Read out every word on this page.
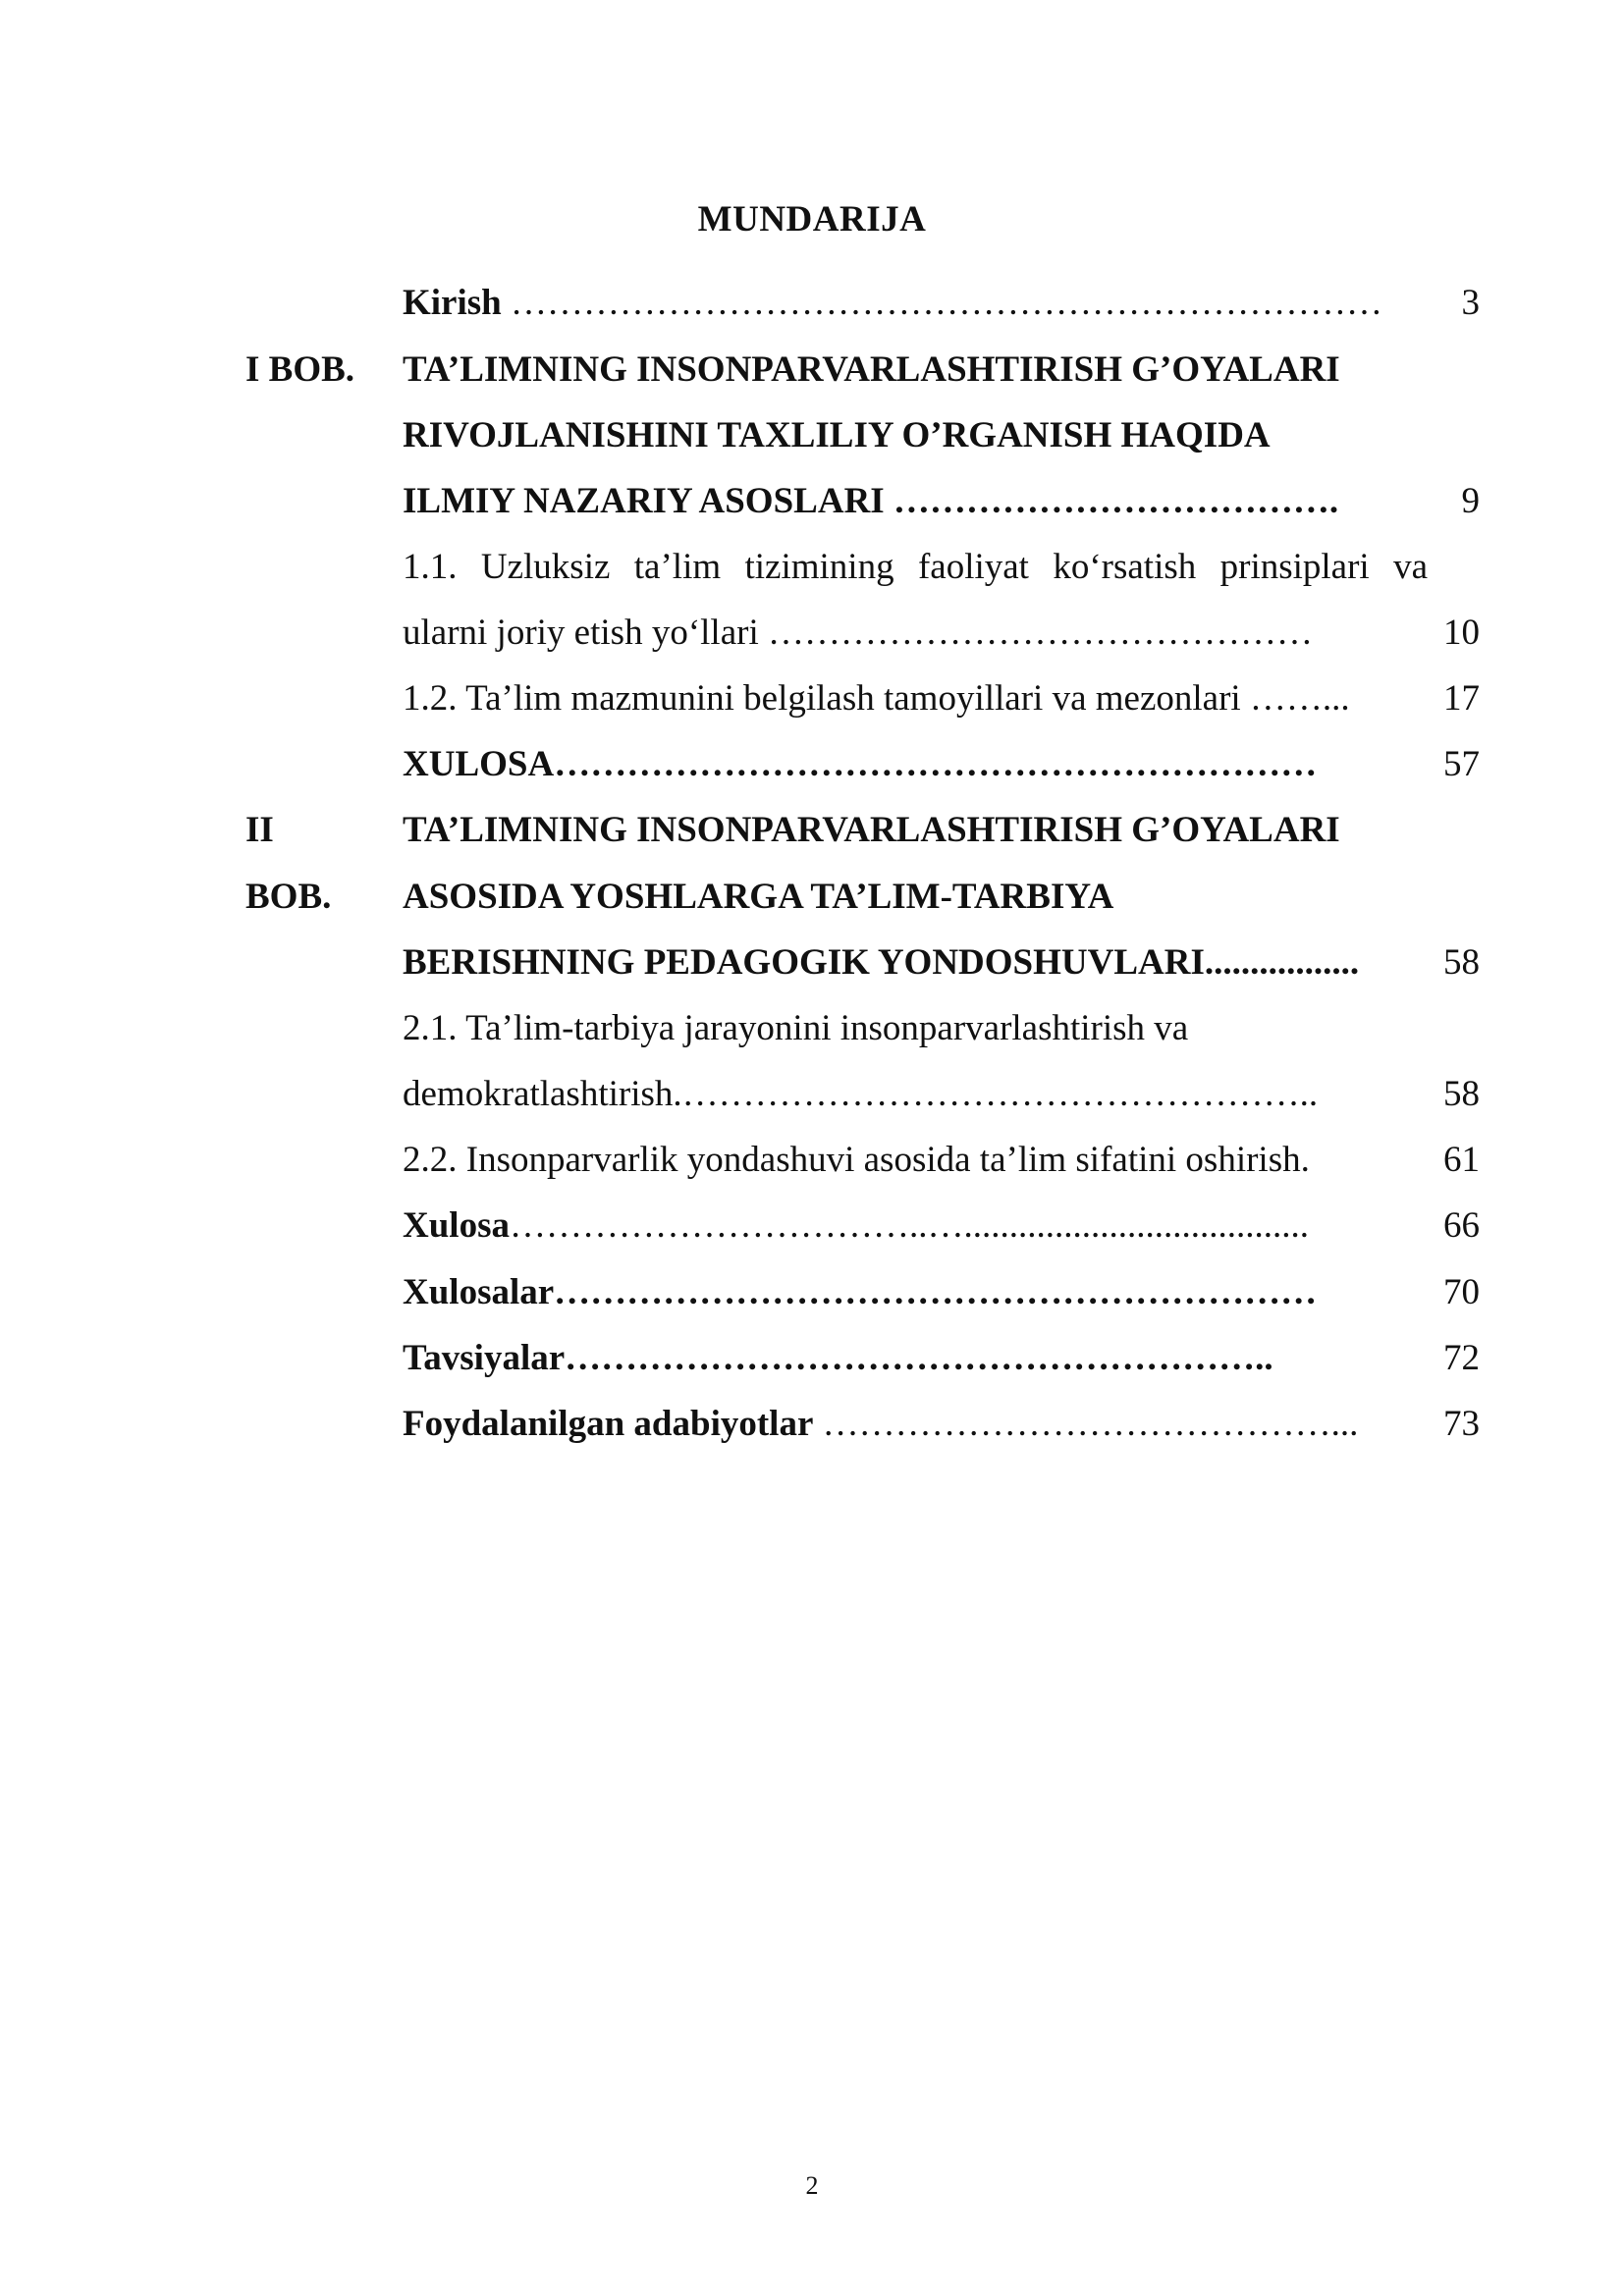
MUNDARIJA
Kirish ……………………………………………………………… 3
I BOB. TA’LIMNING INSONPARVARLASHTIRISH G’OYALARI
RIVOJLANISHINI TAXLILIY O’RGANISH HAQIDA
ILMIY NAZARIY ASOSLARI ……………………………….	9
1.1. Uzluksiz ta’lim tizimining faoliyat ko‘rsatish prinsiplari va
ularni joriy etish yo‘llari ………………………………………	10
1.2. Ta’lim mazmunini belgilash tamoyillari va mezonlari ……...	17
XULOSA………………………………………………………	57
II	TA’LIMNING INSONPARVARLASHTIRISH G’OYALARI
BOB. ASOSIDA YOSHLARGA TA’LIM-TARBIYA
BERISHNING PEDAGOGIK YONDOSHUVLARI................. 58
2.1. Ta’lim-tarbiya jarayonini insonparvarlashtirish va
demokratlashtirish.……………………………………………..	58
2.2. Insonparvarlik yondashuvi asosida ta’lim sifatini oshirish.	61
Xulosa……………………………..…......................................	66
Xulosalar………………………………………………………	70
Tavsiyalar…………………………………………………..	72
Foydalanilgan adabiyotlar ……………………………………... 73
2
